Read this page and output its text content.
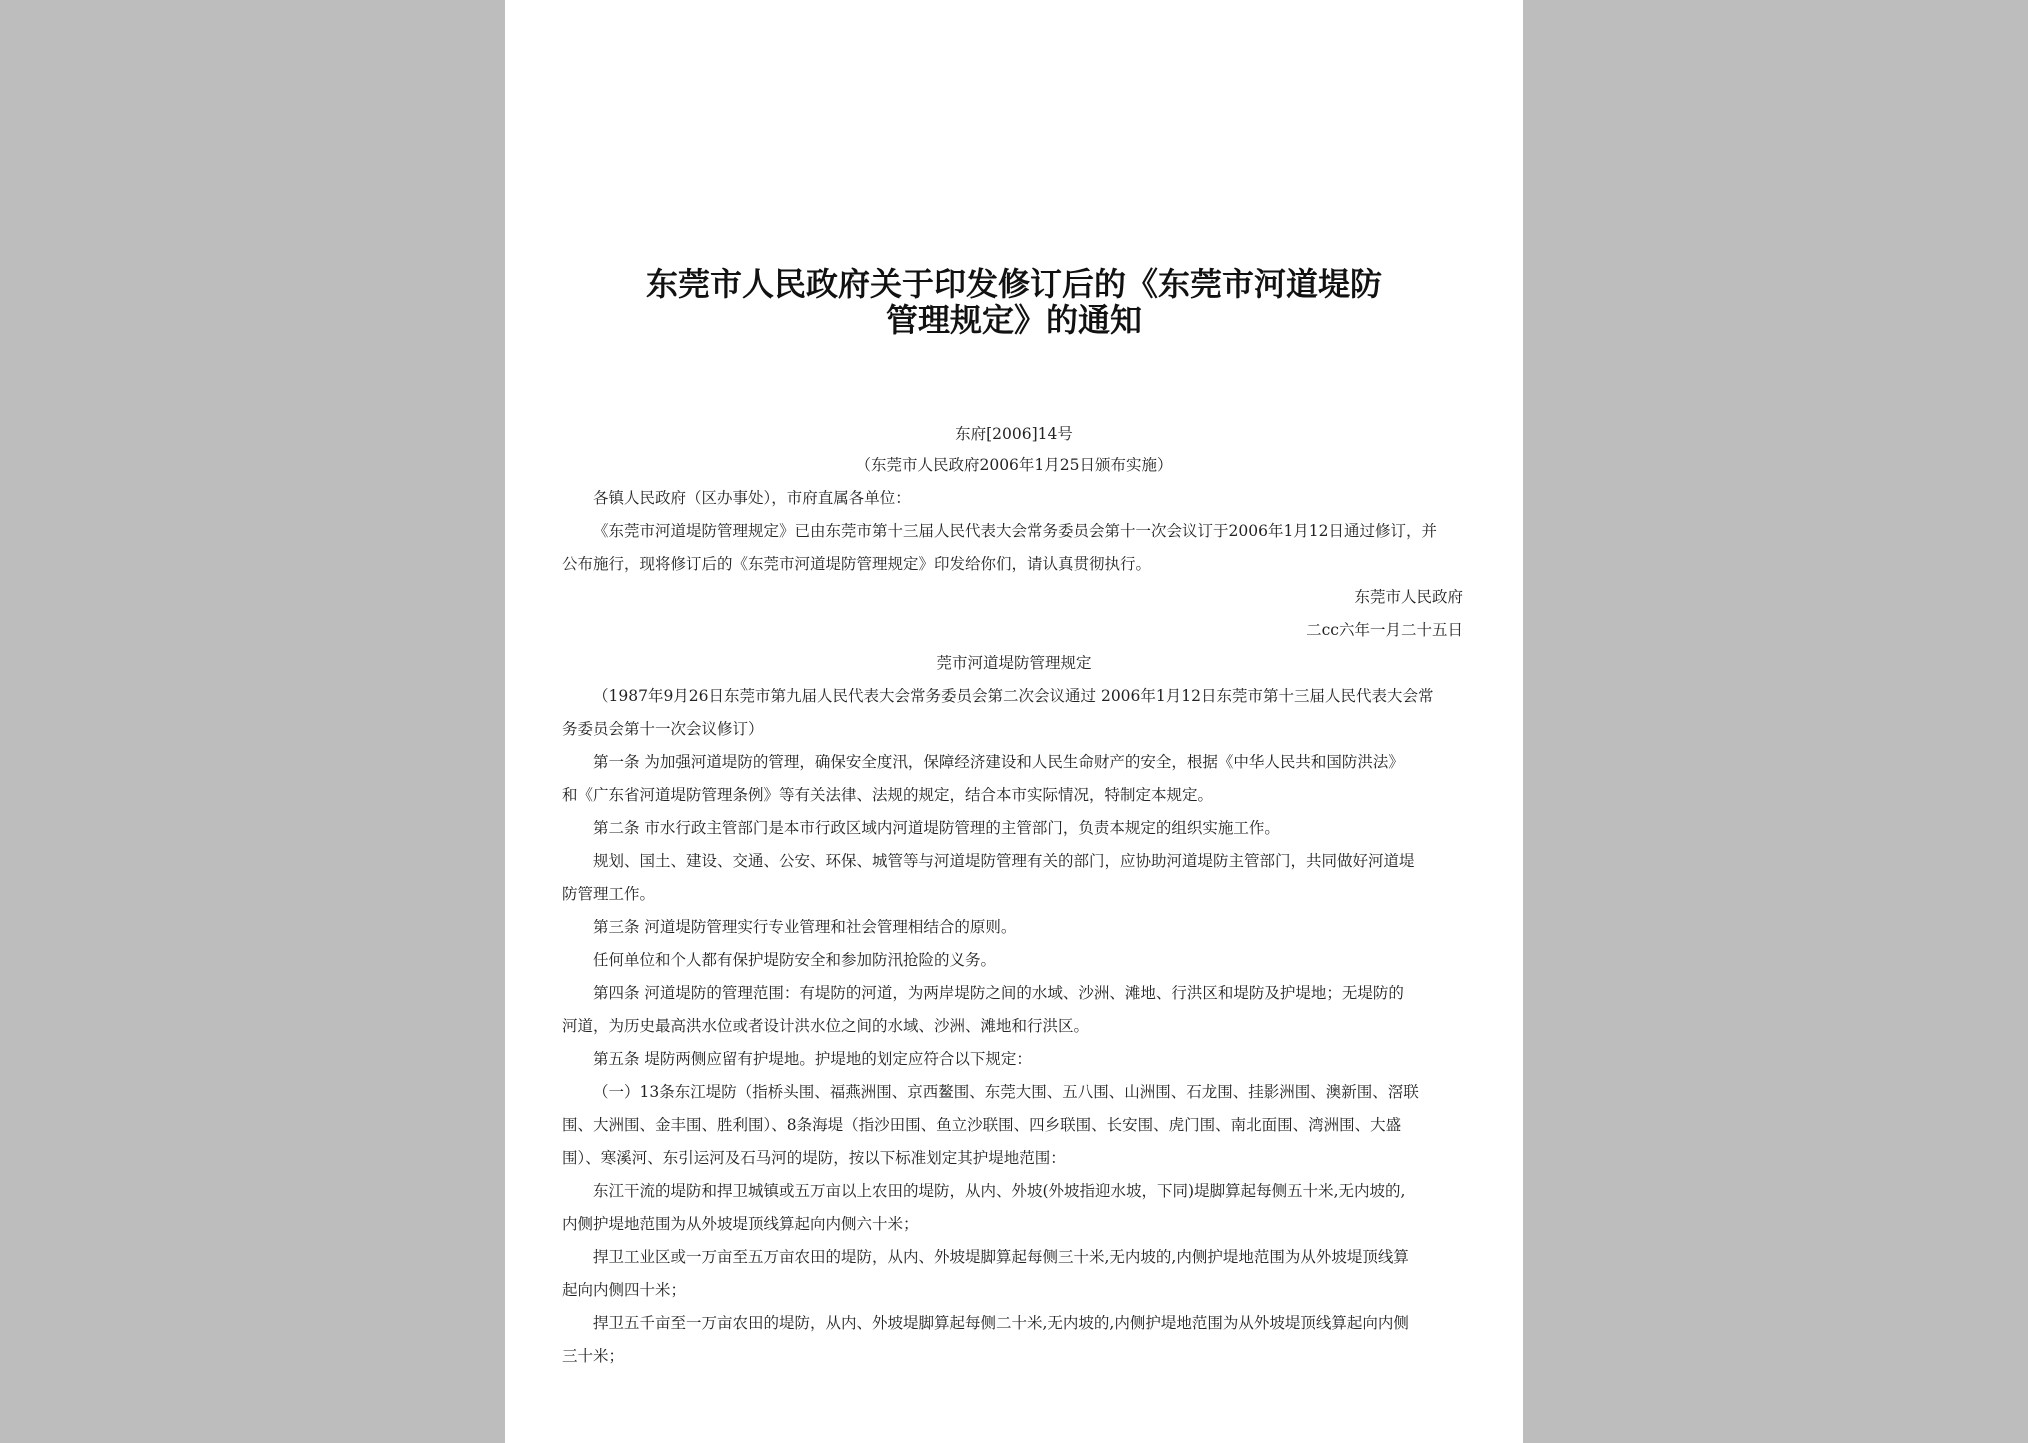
东莞市人民政府关于印发修订后的《东莞市河道堤防
管理规定》的通知
东府[2006]14号
（东莞市人民政府2006年1月25日颁布实施）
各镇人民政府（区办事处），市府直属各单位：
《东莞市河道堤防管理规定》已由东莞市第十三届人民代表大会常务委员会第十一次会议订于2006年1月12日通过修订，并
公布施行，现将修订后的《东莞市河道堤防管理规定》印发给你们，请认真贯彻执行。
东莞市人民政府
二cc六年一月二十五日
莞市河道堤防管理规定
（1987年9月26日东莞市第九届人民代表大会常务委员会第二次会议通过 2006年1月12日东莞市第十三届人民代表大会常
务委员会第十一次会议修订）
第一条 为加强河道堤防的管理，确保安全度汛，保障经济建设和人民生命财产的安全，根据《中华人民共和国防洪法》
和《广东省河道堤防管理条例》等有关法律、法规的规定，结合本市实际情况，特制定本规定。
第二条 市水行政主管部门是本市行政区域内河道堤防管理的主管部门，负责本规定的组织实施工作。
规划、国土、建设、交通、公安、环保、城管等与河道堤防管理有关的部门，应协助河道堤防主管部门，共同做好河道堤
防管理工作。
第三条 河道堤防管理实行专业管理和社会管理相结合的原则。
任何单位和个人都有保护堤防安全和参加防汛抢险的义务。
第四条 河道堤防的管理范围：有堤防的河道，为两岸堤防之间的水域、沙洲、滩地、行洪区和堤防及护堤地；无堤防的
河道，为历史最高洪水位或者设计洪水位之间的水域、沙洲、滩地和行洪区。
第五条 堤防两侧应留有护堤地。护堤地的划定应符合以下规定：
（一）13条东江堤防（指桥头围、福燕洲围、京西鳌围、东莞大围、五八围、山洲围、石龙围、挂影洲围、澳新围、滘联
围、大洲围、金丰围、胜利围）、8条海堤（指沙田围、鱼立沙联围、四乡联围、长安围、虎门围、南北面围、湾洲围、大盛
围）、寒溪河、东引运河及石马河的堤防，按以下标准划定其护堤地范围：
东江干流的堤防和捍卫城镇或五万亩以上农田的堤防，从内、外坡(外坡指迎水坡，下同)堤脚算起每侧五十米,无内坡的,
内侧护堤地范围为从外坡堤顶线算起向内侧六十米；
捍卫工业区或一万亩至五万亩农田的堤防，从内、外坡堤脚算起每侧三十米,无内坡的,内侧护堤地范围为从外坡堤顶线算
起向内侧四十米；
捍卫五千亩至一万亩农田的堤防，从内、外坡堤脚算起每侧二十米,无内坡的,内侧护堤地范围为从外坡堤顶线算起向内侧
三十米；
